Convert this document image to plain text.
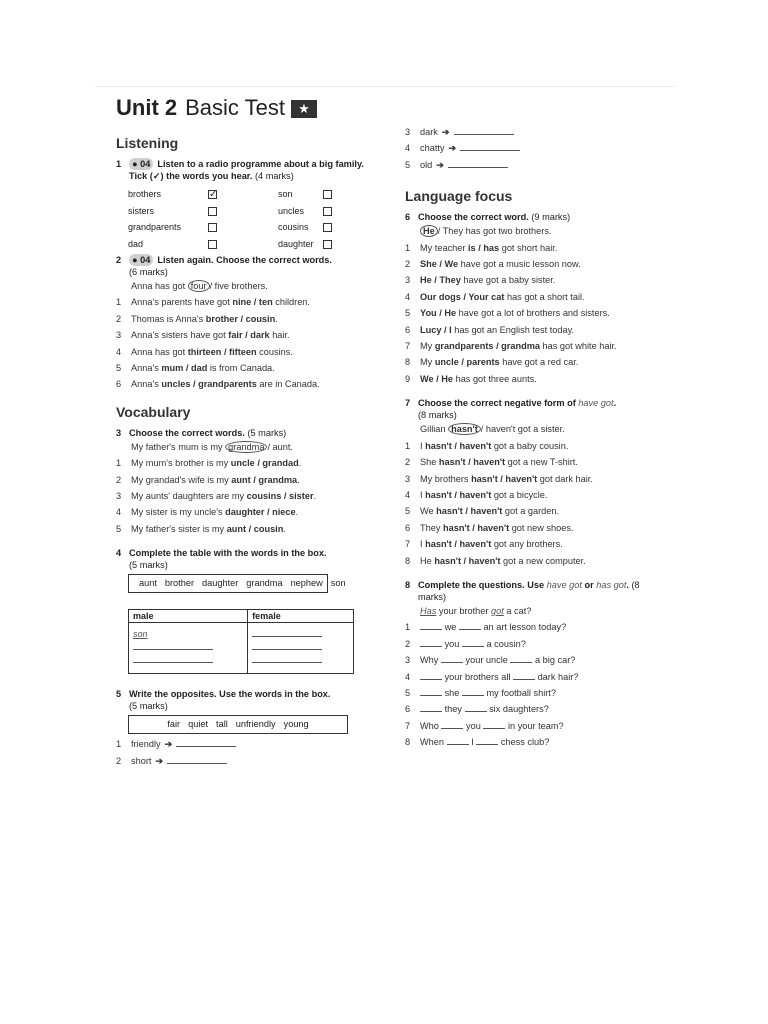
Unit 2 Basic Test ★
Listening
1	● 04 Listen to a radio programme about a big family. Tick (✓) the words you hear. (4 marks)
brothers ✓	son
sisters	uncles
grandparents	cousins
dad	daughter
2	● 04 Listen again. Choose the correct words.
(6 marks)
Anna has got four / five brothers.
1	Anna's parents have got nine / ten children.
2	Thomas is Anna's brother / cousin.
3	Anna's sisters have got fair / dark hair.
4	Anna has got thirteen / fifteen cousins.
5	Anna's mum / dad is from Canada.
6	Anna's uncles / grandparents are in Canada.
Vocabulary
3 Choose the correct words. (5 marks)
My father's mum is my grandma / aunt.
1	My mum's brother is my uncle / grandad.
2	My grandad's wife is my aunt / grandma.
3	My aunts' daughters are my cousins / sister.
4	My sister is my uncle's daughter / niece.
5	My father's sister is my aunt / cousin.
4 Complete the table with the words in the box.
(5 marks)
aunt brother daughter grandma nephew son
male	female

son	

5 Write the opposites. Use the words in the box.
(5 marks)
fair quiet tall unfriendly young
1	friendly ➔
2	short ➔
3	dark ➔
4	chatty ➔
5	old ➔
Language focus
6 Choose the correct word. (9 marks)
He / They has got two brothers.
1	My teacher is / has got short hair.
2	She / We have got a music lesson now.
3	He / They have got a baby sister.
4	Our dogs / Your cat has got a short tail.
5	You / He have got a lot of brothers and sisters.
6	Lucy / I has got an English test today.
7	My grandparents / grandma has got white hair.
8	My uncle / parents have got a red car.
9	We / He has got three aunts.
7 Choose the correct negative form of have got.
(8 marks)
Gillian hasn't / haven't got a sister.
1	I hasn't / haven't got a baby cousin.
2	She hasn't / haven't got a new T-shirt.
3	My brothers hasn't / haven't got dark hair.
4	I hasn't / haven't got a bicycle.
5	We hasn't / haven't got a garden.
6	They hasn't / haven't got new shoes.
7	I hasn't / haven't got any brothers.
8	He hasn't / haven't got a new computer.
8 Complete the questions. Use have got or has got. (8 marks)
Has your brother got a cat?
1	we	an art lesson today?
2	you	a cousin?
3	Why	your uncle	a big car?
4	your brothers all	dark hair?
5	she	my football shirt?
6	they	six daughters?
7	Who	you	in your team?
8	When	I	chess club?
